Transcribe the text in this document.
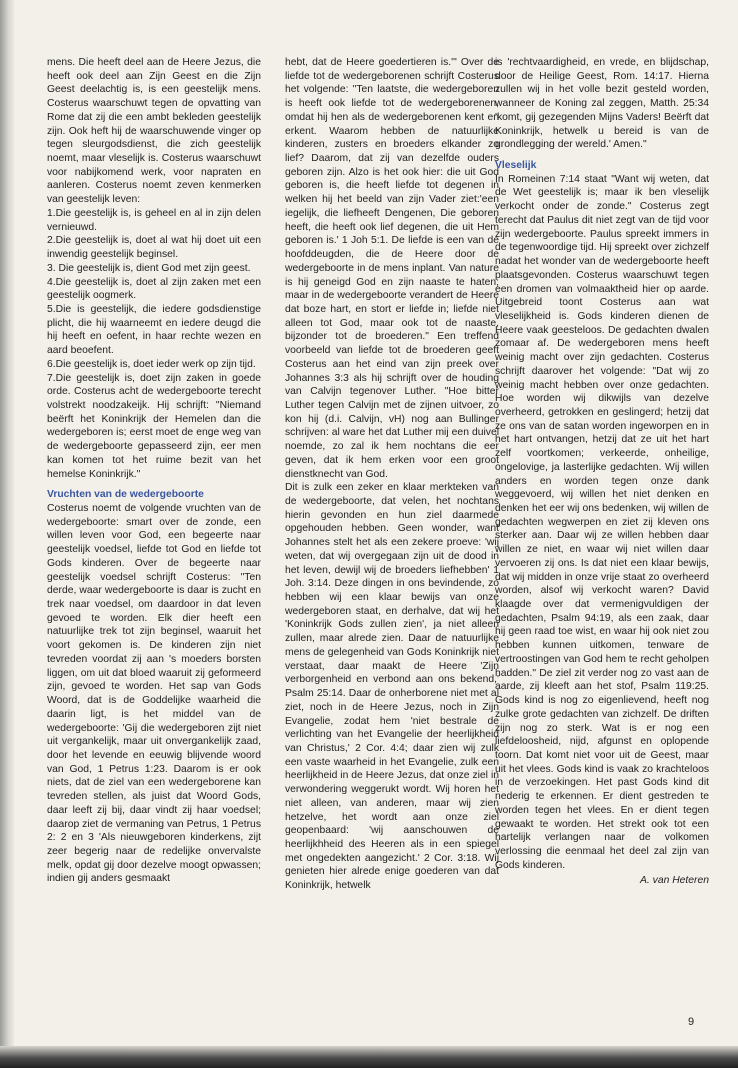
mens. Die heeft deel aan de Heere Jezus, die heeft ook deel aan Zijn Geest en die Zijn Geest deelachtig is, is een geestelijk mens. Costerus waarschuwt tegen de opvatting van Rome dat zij die een ambt bekleden geestelijk zijn. Ook heft hij de waarschuwende vinger op tegen sleurgodsdienst, die zich geestelijk noemt, maar vleselijk is. Costerus waarschuwt voor nabijkomend werk, voor napraten en aanleren. Costerus noemt zeven kenmerken van geestelijk leven:

1.Die geestelijk is, is geheel en al in zijn delen vernieuwd.

2.Die geestelijk is, doet al wat hij doet uit een inwendig geestelijk beginsel.

3. Die geestelijk is, dient God met zijn geest.

4.Die geestelijk is, doet al zijn zaken met een geestelijk oogmerk.

5.Die is geestelijk, die iedere godsdienstige plicht, die hij waarneemt en iedere deugd die hij heeft en oefent, in haar rechte wezen en aard beoefent.

6.Die geestelijk is, doet ieder werk op zijn tijd.

7.Die geestelijk is, doet zijn zaken in goede orde. Costerus acht de wedergeboorte terecht volstrekt noodzakeijk. Hij schrijft: "Niemand beërft het Koninkrijk der Hemelen dan die wedergeboren is; eerst moet de enge weg van de wedergeboorte gepasseerd zijn, eer men kan komen tot het ruime bezit van het hemelse Koninkrijk."

Vruchten van de wedergeboorte

Costerus noemt de volgende vruchten van de wedergeboorte: smart over de zonde, een willen leven voor God, een begeerte naar geestelijk voedsel, liefde tot God en liefde tot Gods kinderen. Over de begeerte naar geestelijk voedsel schrijft Costerus: "Ten derde, waar wedergeboorte is daar is zucht en trek naar voedsel, om daardoor in dat leven gevoed te worden. Elk dier heeft een natuurlijke trek tot zijn beginsel, waaruit het voort gekomen is. De kinderen zijn niet tevreden voordat zij aan 's moeders borsten liggen, om uit dat bloed waaruit zij geformeerd zijn, gevoed te worden. Het sap van Gods Woord, dat is de Goddelijke waarheid die daarin ligt, is het middel van de wedergeboorte: 'Gij die wedergeboren zijt niet uit vergankelijk, maar uit onvergankelijk zaad, door het levende en eeuwig blijvende woord van God, 1 Petrus 1:23. Daarom is er ook niets, dat de ziel van een wedergeborene kan tevreden stellen, als juist dat Woord Gods, daar leeft zij bij, daar vindt zij haar voedsel; daarop ziet de vermaning van Petrus, 1 Petrus 2: 2 en 3 'Als nieuwgeboren kinderkens, zijt zeer begerig naar de redelijke onvervalste melk, opdat gij door dezelve moogt opwassen; indien gij anders gesmaakt

hebt, dat de Heere goedertieren is.'" Over de liefde tot de wedergeborenen schrijft Costerus het volgende: "Ten laatste, die wedergeboren is heeft ook liefde tot de wedergeborenen, omdat hij hen als de wedergeborenen kent en erkent. Waarom hebben de natuurlijke kinderen, zusters en broeders elkander zo lief? Daarom, dat zij van dezelfde ouders geboren zijn. Alzo is het ook hier: die uit God geboren is, die heeft liefde tot degenen in welken hij het beeld van zijn Vader ziet:'een iegelijk, die liefheeft Dengenen, Die geboren heeft, die heeft ook lief degenen, die uit Hem geboren is.' 1 Joh 5:1. De liefde is een van de hoofddeugden, die de Heere door de wedergeboorte in de mens inplant. Van nature is hij geneigd God en zijn naaste te haten; maar in de wedergeboorte verandert de Heere dat boze hart, en stort er liefde in; liefde niet alleen tot God, maar ook tot de naaste, bijzonder tot de broederen." Een treffend voorbeeld van liefde tot de broederen geeft Costerus aan het eind van zijn preek over Johannes 3:3 als hij schrijft over de houding van Calvijn tegenover Luther. "Hoe bitter Luther tegen Calvijn met de zijnen uitvoer, zo kon hij (d.i. Calvijn, vH) nog aan Bullinger schrijven: al ware het dat Luther mij een duivel noemde, zo zal ik hem nochtans die eer geven, dat ik hem erken voor een groot dienstknecht van God.

Dit is zulk een zeker en klaar merkteken van de wedergeboorte, dat velen, het nochtans hierin gevonden en hun ziel daarmede opgehouden hebben. Geen wonder, want Johannes stelt het als een zekere proeve: 'wij weten, dat wij overgegaan zijn uit de dood in het leven, dewijl wij de broeders liefhebben' 1 Joh. 3:14. Deze dingen in ons bevindende, zo hebben wij een klaar bewijs van onze wedergeboren staat, en derhalve, dat wij het 'Koninkrijk Gods zullen zien', ja niet alleen zullen, maar alrede zien. Daar de natuurlijke mens de gelegenheid van Gods Koninkrijk niet verstaat, daar maakt de Heere 'Zijn verborgenheid en verbond aan ons bekend,' Psalm 25:14. Daar de onherborene niet met al ziet, noch in de Heere Jezus, noch in Zijn Evangelie, zodat hem 'niet bestrale de verlichting van het Evangelie der heerlijkheid van Christus,' 2 Cor. 4:4; daar zien wij zulk een vaste waarheid in het Evangelie, zulk een heerlijkheid in de Heere Jezus, dat onze ziel in verwondering weggerukt wordt. Wij horen het niet alleen, van anderen, maar wij zien hetzelve, het wordt aan onze ziel geopenbaard: 'wij aanschouwen de heerlijkhheid des Heeren als in een spiegel met ongedekten aangezicht.' 2 Cor. 3:18. Wij genieten hier alrede enige goederen van dat Koninkrijk, hetwelk

is 'rechtvaardigheid, en vrede, en blijdschap, door de Heilige Geest, Rom. 14:17. Hierna zullen wij in het volle bezit gesteld worden, wanneer de Koning zal zeggen, Matth. 25:34 'komt, gij gezegenden Mijns Vaders! Beërft dat Koninkrijk, hetwelk u bereid is van de grondlegging der wereld.' Amen."

Vleselijk

In Romeinen 7:14 staat "Want wij weten, dat de Wet geestelijk is; maar ik ben vleselijk verkocht onder de zonde." Costerus zegt terecht dat Paulus dit niet zegt van de tijd voor zijn wedergeboorte. Paulus spreekt immers in de tegenwoordige tijd. Hij spreekt over zichzelf nadat het wonder van de wedergeboorte heeft plaatsgevonden. Costerus waarschuwt tegen een dromen van volmaaktheid hier op aarde. Uitgebreid toont Costerus aan wat vleselijkheid is. Gods kinderen dienen de Heere vaak geesteloos. De gedachten dwalen zomaar af. De wedergeboren mens heeft weinig macht over zijn gedachten. Costerus schrijft daarover het volgende: "Dat wij zo weinig macht hebben over onze gedachten. Hoe worden wij dikwijls van dezelve overheerd, getrokken en geslingerd; hetzij dat ze ons van de satan worden ingeworpen en in het hart ontvangen, hetzij dat ze uit het hart zelf voortkomen; verkeerde, onheilige, ongelovige, ja lasterlijke gedachten. Wij willen anders en worden tegen onze dank weggevoerd, wij willen het niet denken en denken het eer wij ons bedenken, wij willen de gedachten wegwerpen en ziet zij kleven ons sterker aan. Daar wij ze willen hebben daar willen ze niet, en waar wij niet willen daar vervoeren zij ons. Is dat niet een klaar bewijs, dat wij midden in onze vrije staat zo overheerd worden, alsof wij verkocht waren? David klaagde over dat vermenigvuldigen der gedachten, Psalm 94:19, als een zaak, daar hij geen raad toe wist, en waar hij ook niet zou hebben kunnen uitkomen, tenware de vertroostingen van God hem te recht geholpen hadden." De ziel zit verder nog zo vast aan de aarde, zij kleeft aan het stof, Psalm 119:25. Gods kind is nog zo eigenlievend, heeft nog zulke grote gedachten van zichzelf. De driften zijn nog zo sterk. Wat is er nog een liefdeloosheid, nijd, afgunst en oplopende toorn. Dat komt niet voor uit de Geest, maar uit het vlees. Gods kind is vaak zo krachteloos in de verzoekingen. Het past Gods kind dit nederig te erkennen. Er dient gestreden te worden tegen het vlees. En er dient tegen gewaakt te worden. Het strekt ook tot een hartelijk verlangen naar de volkomen verlossing die eenmaal het deel zal zijn van Gods kinderen.

A. van Heteren

9
